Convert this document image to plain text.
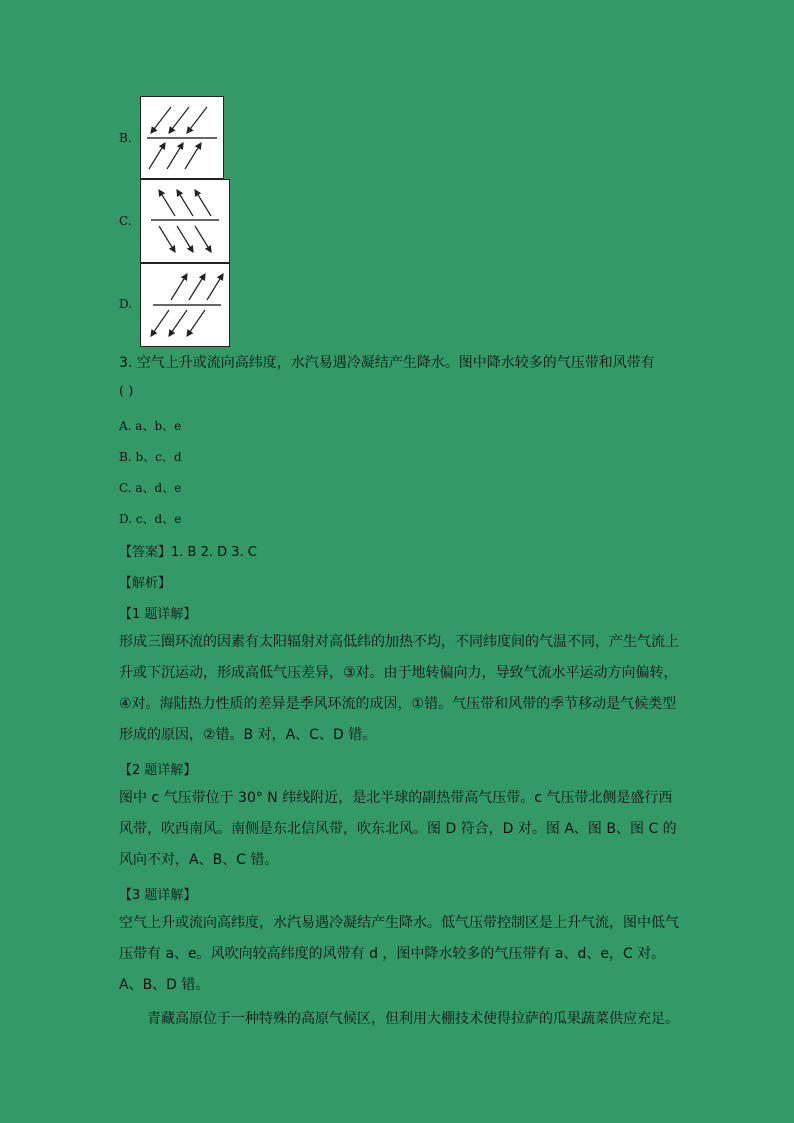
B.
C.
D.
3. 空气上升或流向高纬度，水汽易遇冷凝结产生降水。图中降水较多的气压带和风带有
( )
A. a、b、e
B. b、c、d
C. a、d、e
D. c、d、e
【答案】1. B 2. D 3. C
【解析】
【1 题详解】
形成三圈环流的因素有太阳辐射对高低纬的加热不均，不同纬度间的气温不同，产生气流上升或下沉运动，形成高低气压差异，③对。由于地转偏向力，导致气流水平运动方向偏转，④对。海陆热力性质的差异是季风环流的成因，①错。气压带和风带的季节移动是气候类型形成的原因，②错。B 对，A、C、D 错。
【2 题详解】
图中 c 气压带位于 30° N 纬线附近，是北半球的副热带高气压带。c 气压带北侧是盛行西风带，吹西南风。南侧是东北信风带，吹东北风。图 D 符合，D 对。图 A、图 B、图 C 的风向不对，A、B、C 错。
【3 题详解】
空气上升或流向高纬度，水汽易遇冷凝结产生降水。低气压带控制区是上升气流，图中低气压带有 a、e。风吹向较高纬度的风带有 d ，图中降水较多的气压带有 a、d、e，C 对。A、B、D 错。
青藏高原位于一种特殊的高原气候区，但利用大棚技术使得拉萨的瓜果蔬菜供应充足。
